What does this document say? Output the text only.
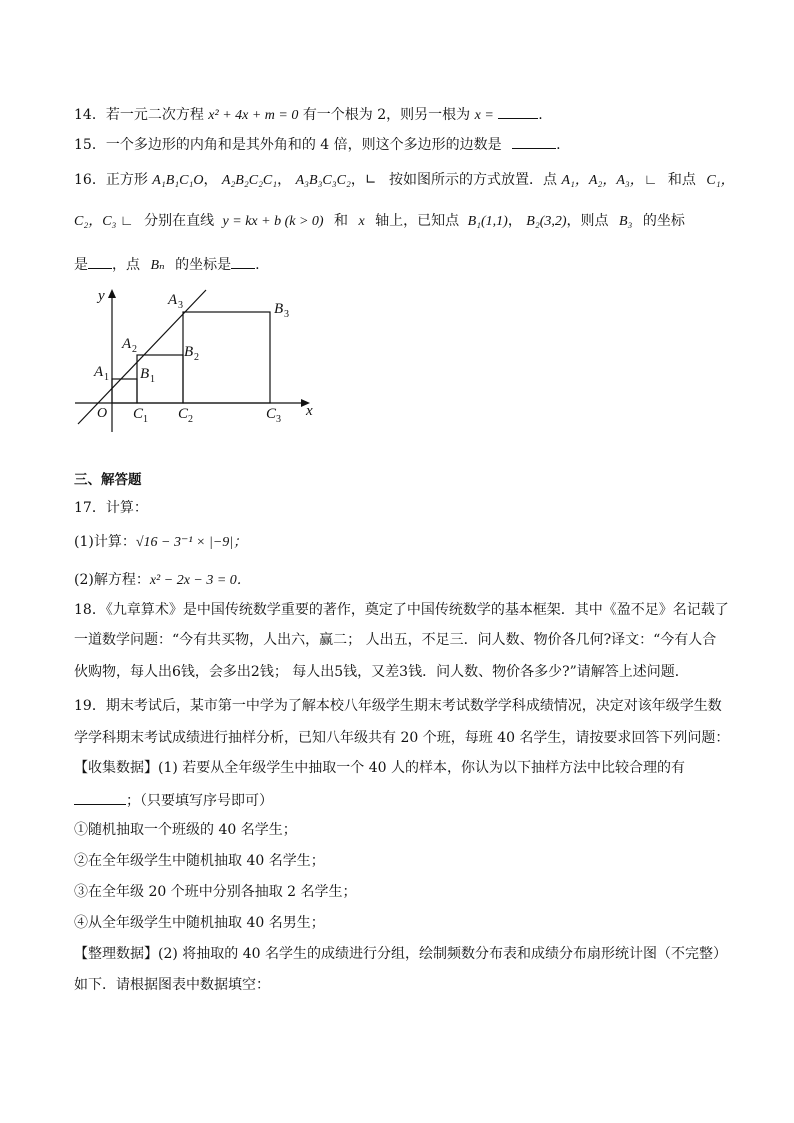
14．若一元二次方程 x² + 4x + m = 0 有一个根为 2，则另一根为 x =	.
15．一个多边形的内角和是其外角和的 4 倍，则这个多边形的边数是	.
16．正方形 A₁B₁C₁O， A₂B₂C₂C₁， A₃B₃C₃C₂，∟ 按如图所示的方式放置．点 A₁，A₂，A₃，∟ 和点 C₁，
C₂，C₃ ∟ 分别在直线 y = kx + b (k > 0) 和 x 轴上，已知点 B₁(1,1)， B₂(3,2)，则点 B₃ 的坐标
是 ，点 Bₙ 的坐标是 .
y
x
O
A 1
A 2
A 3
B 1
B 2
B 3
C 1 C 2	C 3
三、解答题
17．计算：
(1)计算：√16 − 3⁻¹ × |−9|；
(2)解方程：x² − 2x − 3 = 0．
18．《九章算术》是中国传统数学重要的著作，奠定了中国传统数学的基本框架．其中《盈不足》名记载了
一道数学问题：“今有共买物，人出六，赢二； 人出五，不足三．问人数、物价各几何?译文：“今有人合
伙购物，每人出6钱，会多出2钱； 每人出5钱，又差3钱．问人数、物价各多少?”请解答上述问题．
19．期末考试后，某市第一中学为了解本校八年级学生期末考试数学学科成绩情况，决定对该年级学生数
学学科期末考试成绩进行抽样分析，已知八年级共有 20 个班，每班 40 名学生，请按要求回答下列问题：
【收集数据】(1) 若要从全年级学生中抽取一个 40 人的样本，你认为以下抽样方法中比较合理的有
；（只要填写序号即可）
①随机抽取一个班级的 40 名学生；
②在全年级学生中随机抽取 40 名学生；
③在全年级 20 个班中分别各抽取 2 名学生；
④从全年级学生中随机抽取 40 名男生；
【整理数据】(2) 将抽取的 40 名学生的成绩进行分组，绘制频数分布表和成绩分布扇形统计图（不完整）
如下．请根据图表中数据填空：
